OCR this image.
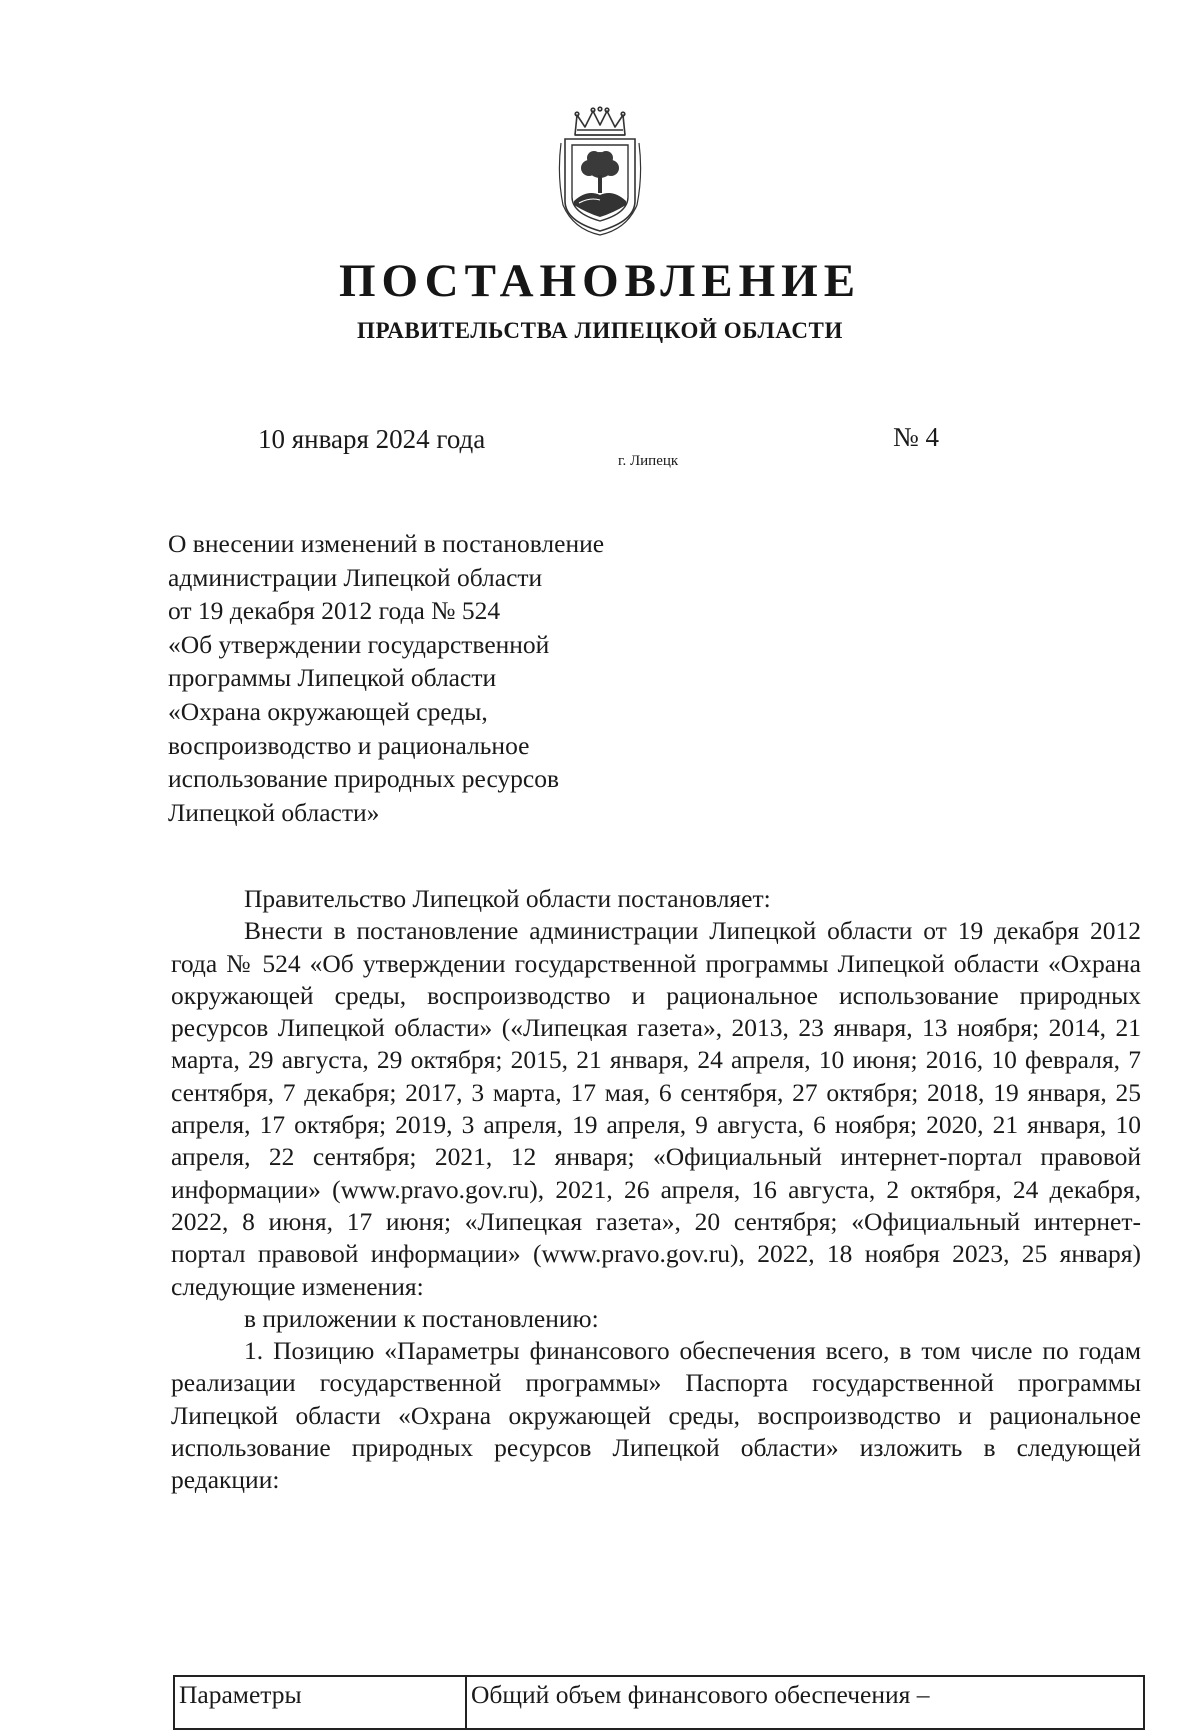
ПОСТАНОВЛЕНИЕ
ПРАВИТЕЛЬСТВА ЛИПЕЦКОЙ ОБЛАСТИ
10 января 2024 года
г. Липецк
№ 4
О внесении изменений в постановление
администрации Липецкой области
от 19 декабря 2012 года № 524
«Об утверждении государственной
программы Липецкой области
«Охрана окружающей среды,
воспроизводство и рациональное
использование природных ресурсов
Липецкой области»

Правительство Липецкой области постановляет:

Внести в постановление администрации Липецкой области от 19 декабря 2012 года № 524 «Об утверждении государственной программы Липецкой области «Охрана окружающей среды, воспроизводство и рациональное использование природных ресурсов Липецкой области» («Липецкая газета», 2013, 23 января, 13 ноября; 2014, 21 марта, 29 августа, 29 октября; 2015, 21 января, 24 апреля, 10 июня; 2016, 10 февраля, 7 сентября, 7 декабря; 2017, 3 марта, 17 мая, 6 сентября, 27 октября; 2018, 19 января, 25 апреля, 17 октября; 2019, 3 апреля, 19 апреля, 9 августа, 6 ноября; 2020, 21 января, 10 апреля, 22 сентября; 2021, 12 января; «Официальный интернет-портал правовой информации» (www.pravo.gov.ru), 2021, 26 апреля, 16 августа, 2 октября, 24 декабря, 2022, 8 июня, 17 июня; «Липецкая газета», 20 сентября; «Официальный интернет-портал правовой информации» (www.pravo.gov.ru), 2022, 18 ноября 2023, 25 января) следующие изменения:

в приложении к постановлению:

1. Позицию «Параметры финансового обеспечения всего, в том числе по годам реализации государственной программы» Паспорта государственной программы Липецкой области «Охрана окружающей среды, воспроизводство и рациональное использование природных ресурсов Липецкой области» изложить в следующей редакции:

Параметры	Общий объем финансового обеспечения –
